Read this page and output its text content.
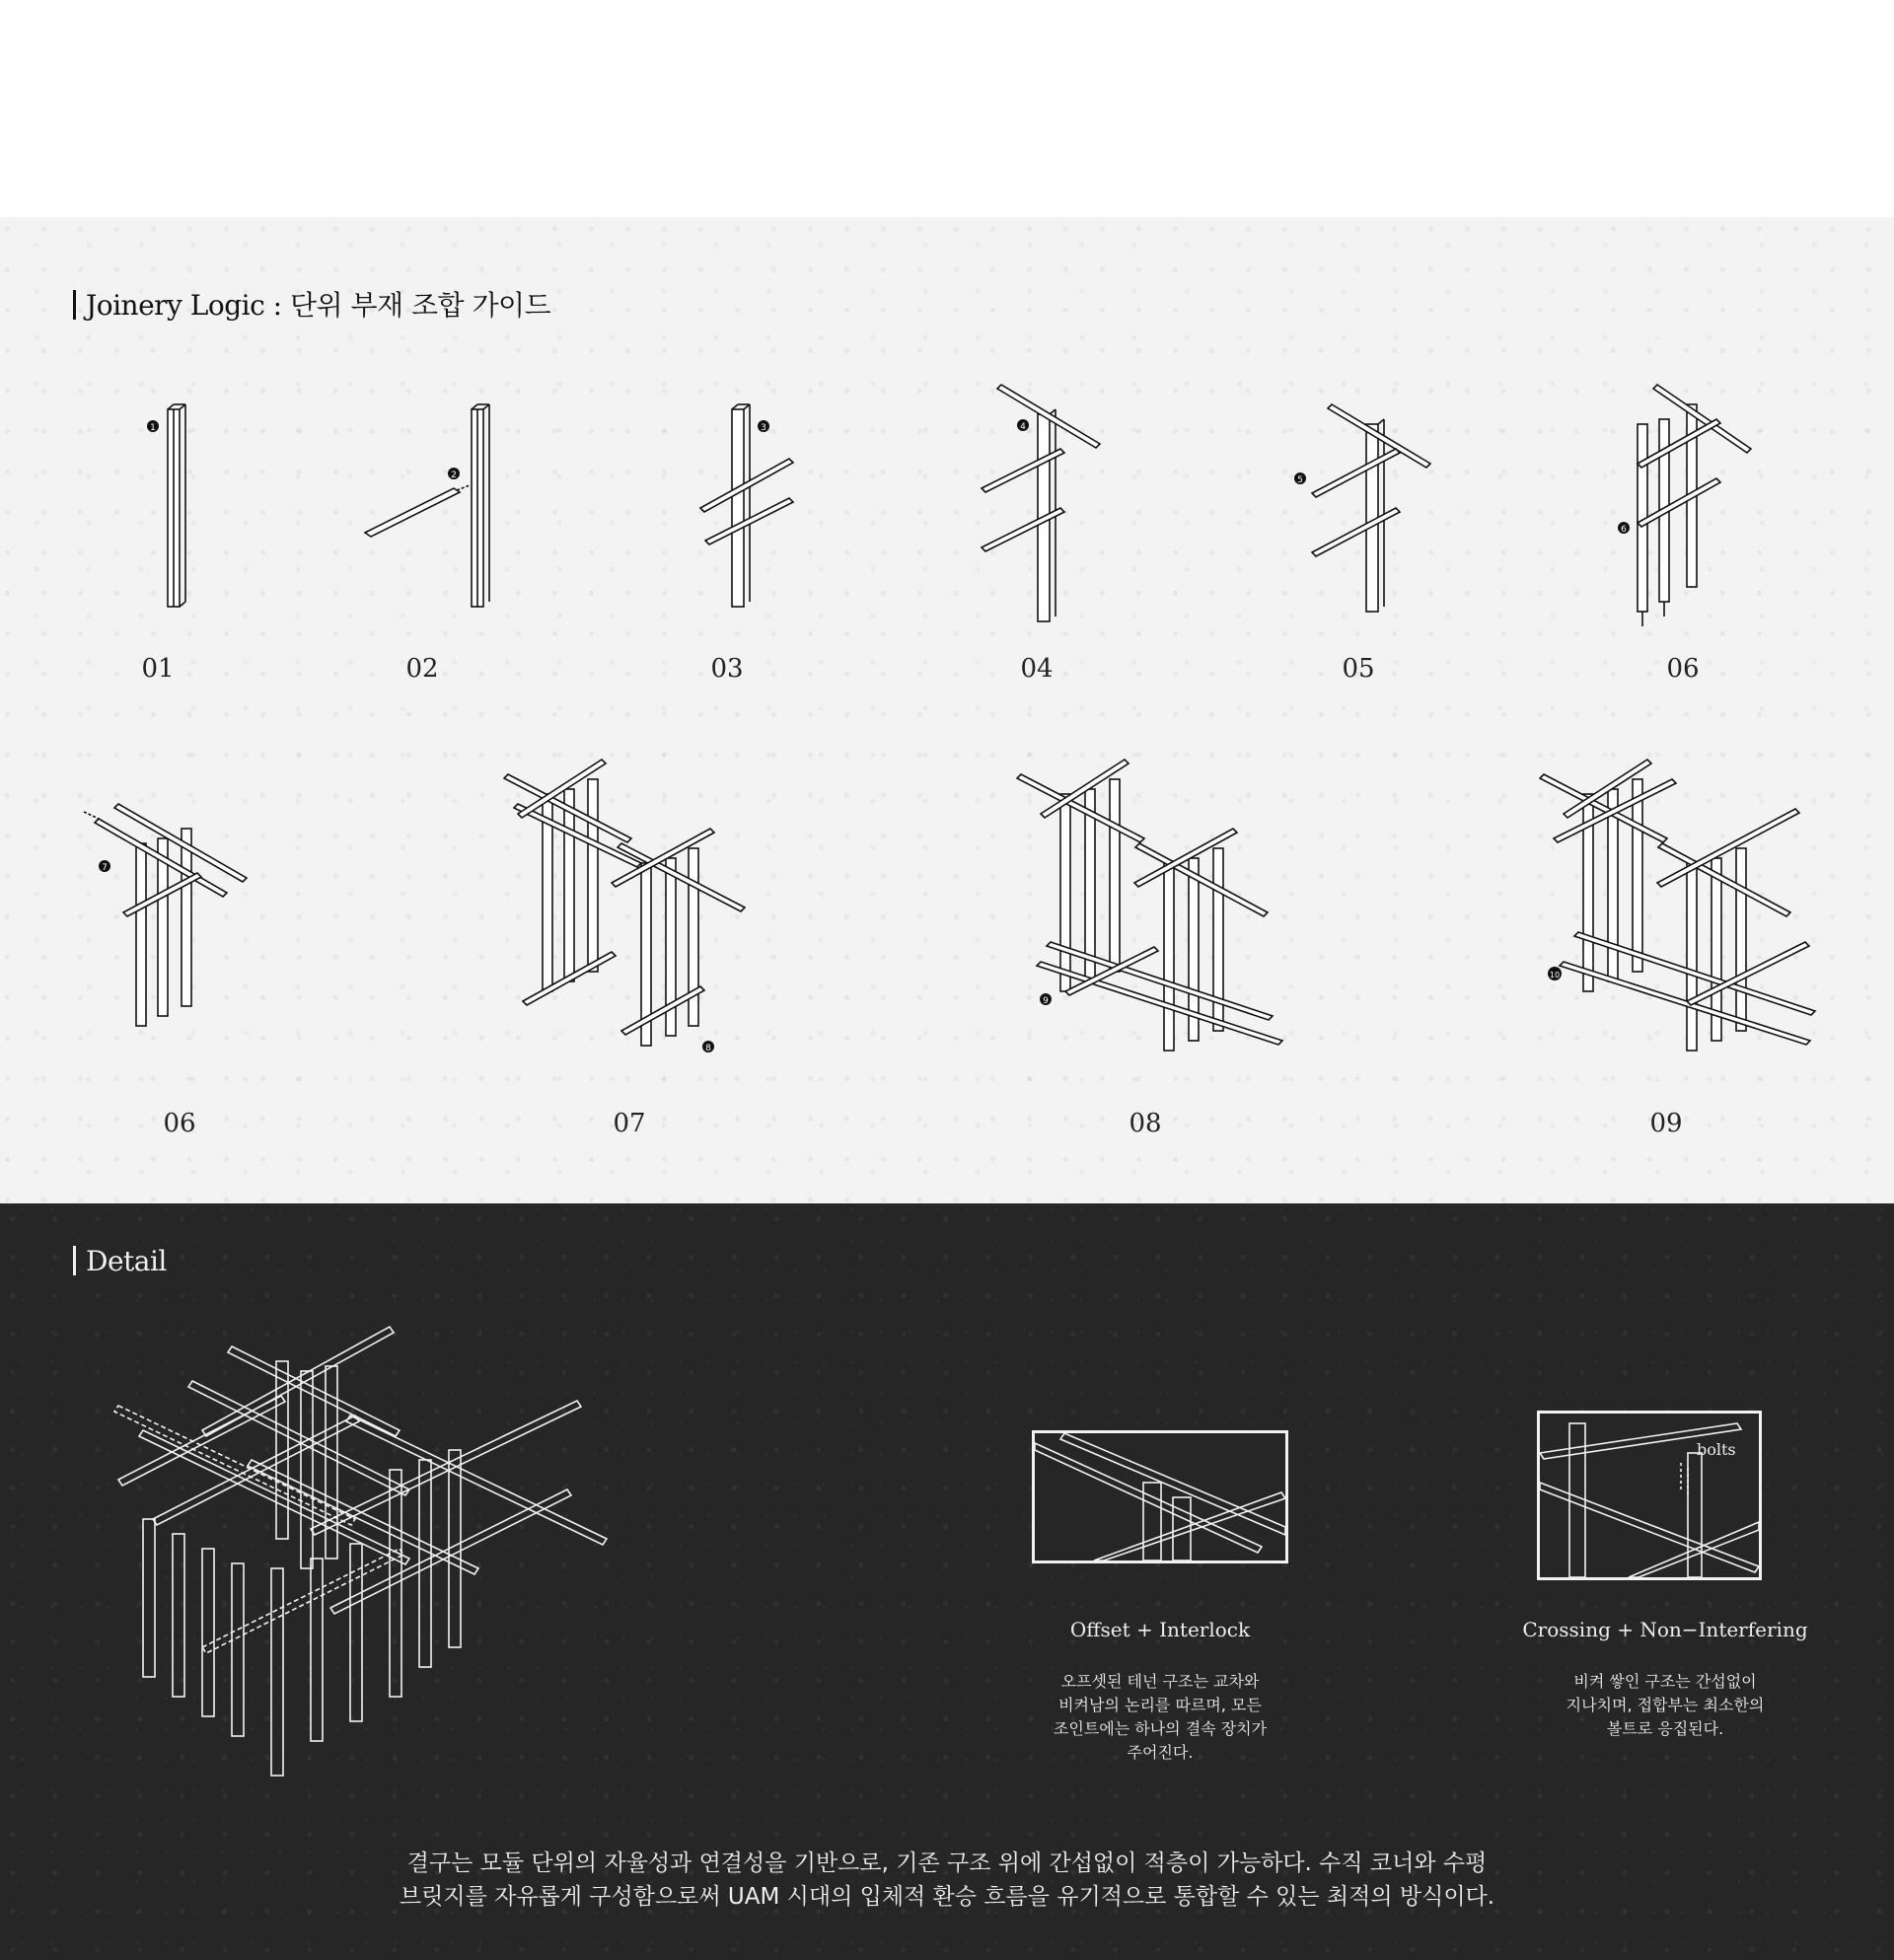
Joinery Logic : 단위 부재 조합 가이드
1
2
3	4
5
6
01	02	03	04	05	06
7
8
9
10
06	07	08	09
Detail
Offset + Interlock
오프셋된 테넌 구조는 교차와
비켜남의 논리를 따르며, 모든
조인트에는 하나의 결속 장치가
주어진다.
bolts
Crossing + Non−Interfering
비켜 쌓인 구조는 간섭없이
지나치며, 접합부는 최소한의
볼트로 응집된다.
결구는 모듈 단위의 자율성과 연결성을 기반으로, 기존 구조 위에 간섭없이 적층이 가능하다. 수직 코너와 수평
브릿지를 자유롭게 구성함으로써 UAM 시대의 입체적 환승 흐름을 유기적으로 통합할 수 있는 최적의 방식이다.
